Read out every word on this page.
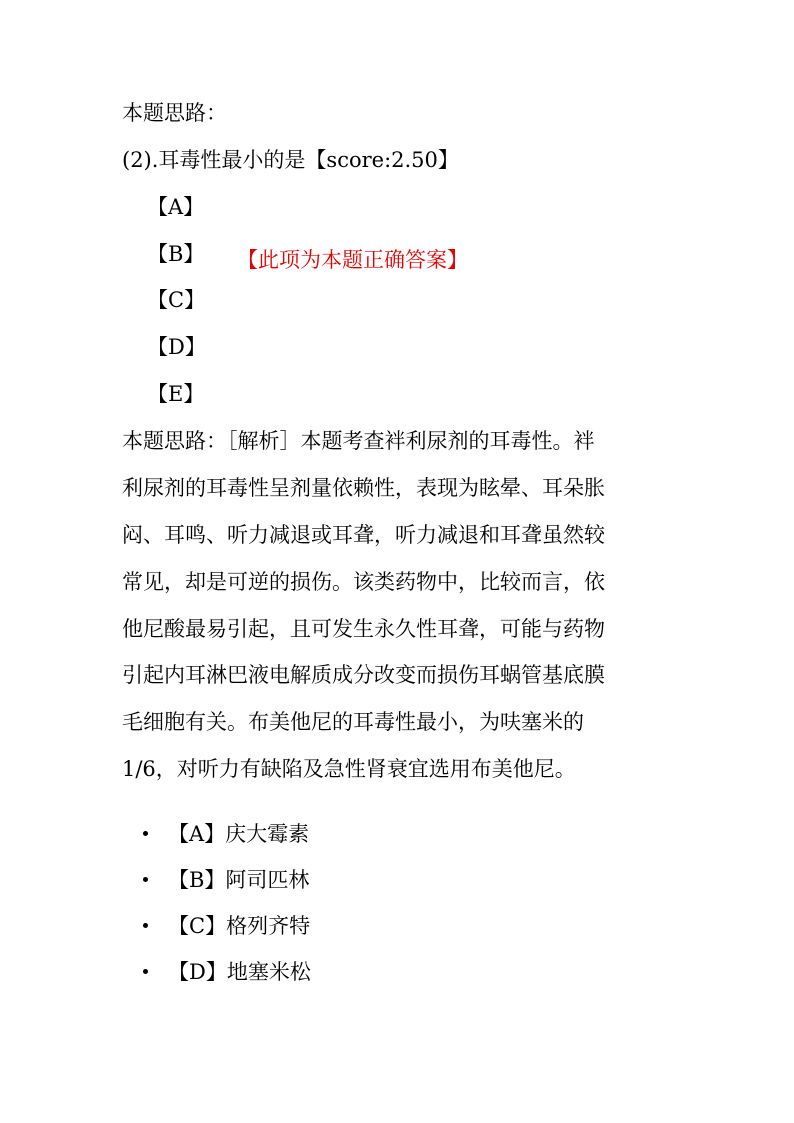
本题思路：
(2).耳毒性最小的是【score:2.50】
【A】
【B】 【此项为本题正确答案】
【C】
【D】
【E】
本题思路：［解析］本题考查袢利尿剂的耳毒性。袢
利尿剂的耳毒性呈剂量依赖性，表现为眩晕、耳朵胀
闷、耳鸣、听力减退或耳聋，听力减退和耳聋虽然较
常见，却是可逆的损伤。该类药物中，比较而言，依
他尼酸最易引起，且可发生永久性耳聋，可能与药物
引起内耳淋巴液电解质成分改变而损伤耳蜗管基底膜
毛细胞有关。布美他尼的耳毒性最小，为呋塞米的
1/6，对听力有缺陷及急性肾衰宜选用布美他尼。
【A】庆大霉素
【B】阿司匹林
【C】格列齐特
【D】地塞米松
